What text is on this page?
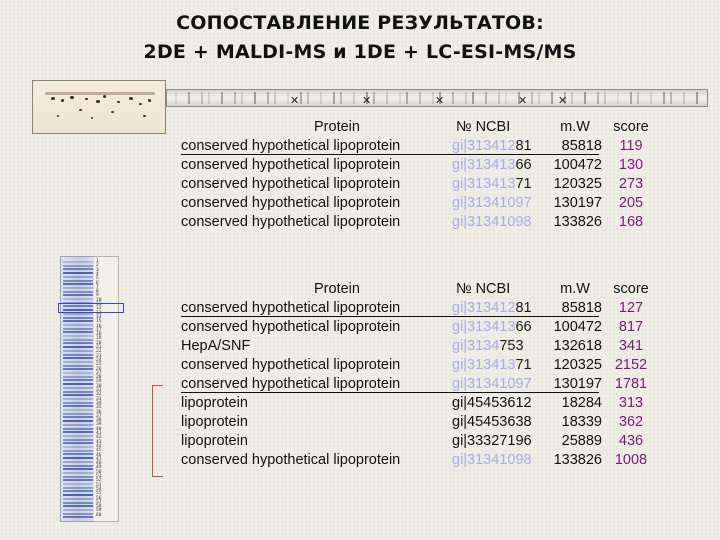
СОПОСТАВЛЕНИЕ РЕЗУЛЬТАТОВ:
2DE + MALDI-MS и 1DE + LC-ESI-MS/MS
✕	✕	✕	✕	✕
1
2
3
4
5
6
7
8
9
10
11
12
13
14
15
16
17
18
19
20
21
22
23
24
25
26
27
28
29
30
31
32
33
34
35
36
37
38
39
40
41
42
43
44
45
46
47
48
49
50
51
52
53
54
55
56
57
58
59
60
Protein	№ NCBI	m.W	score
conserved hypothetical lipoprotein	gi|31341281	85818	119
conserved hypothetical lipoprotein	gi|31341366	100472	130
conserved hypothetical lipoprotein	gi|31341371	120325	273
conserved hypothetical lipoprotein	gi|31341097	130197	205
conserved hypothetical lipoprotein	gi|31341098	133826	168
Protein	№ NCBI	m.W	score
conserved hypothetical lipoprotein	gi|31341281	85818	127
conserved hypothetical lipoprotein	gi|31341366	100472	817
HepA/SNF	gi|3134753	132618	341
conserved hypothetical lipoprotein	gi|31341371	120325 2152
conserved hypothetical lipoprotein	gi|31341097	130197 1781
lipoprotein	gi|45453612	18284	313
lipoprotein	gi|45453638	18339	362
lipoprotein	gi|33327196	25889	436
conserved hypothetical lipoprotein	gi|31341098	133826 1008
